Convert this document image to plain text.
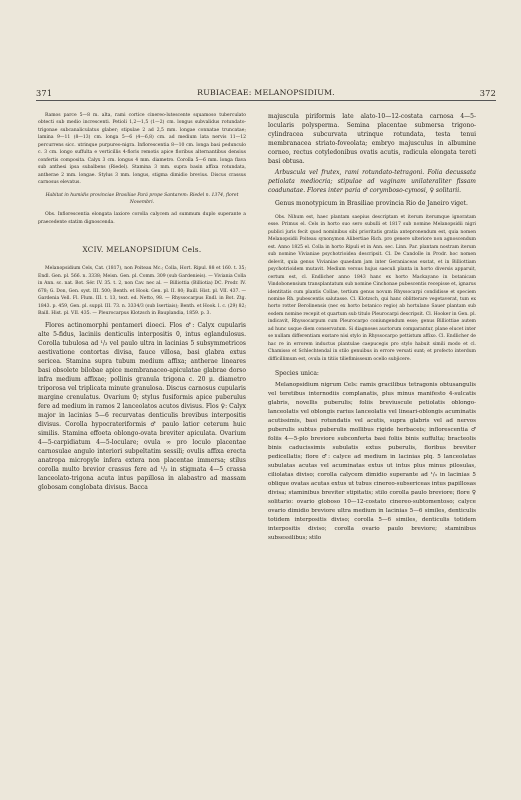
371	RUBIACEAE: MELANOPSIDIUM.	372

Ramos parce 5—8 m. alta, rami cortice cinereo-lutescente squamoso tuberculato obtecti sub medio increscenti. Petioli 1,2—1,5 (1—2) cm. longus subvalidus rotundato-trigonae subcanaliculatus glaber; stipulae 2 ad 2,5 mm. longae connatae truncatae; lamina 9—11 (8—13) cm. longa 5—6 (4—6,8) cm. ad medium lata nervis 11—12 percurrens sicc. utrinque purpureo-nigra. Inflorescentia 8—10 cm. longa basi pedunculo c. 3 cm. longo suffulta e verticillis 4-floris remotis apice floribus alternantibus densius confertis composita. Calyx 3 cm. longus 4 mm. diametro. Corolla 5—6 mm. longa flava sub anthesi ipsa subalbens (Riedel). Stamina 3 mm. supra basin affixa rotundata, antherae 2 mm. longae. Stylus 3 mm. longus, stigma dimidio brevius. Discus crassus carnosus elevatus.

Habitat in humidis provinciae Brasiliae Pará prope Santarem: Riedel n. 1374, floret Novembri.

Obs. Inflorescentia elongata laxiore corolla calycem ad summum duplo superante a praecedente statim dignoscenda.

XCIV. MELANOPSIDIUM Cels.

Melanopsidium Cels, Cat. (1817), non Poiteau Mc.; Colla, Hort. Ripul. 88 et 160. t. 35; Endl. Gen. pl. 566. n. 3338; Meisn. Gen. pl. Comm. 309 (sub Gardenieis). — Viviania Colla in Ann. sc. nat. Bot. Sér. IV. 35. t. 2, non Cav. nec al. — Billiottia (Billiotia) DC. Prodr. IV. 678; G. Don, Gen. syst. III. 500; Benth. et Hook. Gen. pl. II. 80; Baill. Hist. pl. VII. 437. — Gardenia Vell. Fl. Flum. III. t. 13, text. ed. Netto, 98. — Rhyssocarpus Endl. in Bot. Ztg. 1843. p. 459, Gen. pl. suppl. III. 73. n. 3334/3 (sub Isertiais); Benth. et Hook. l. c. (29) 82; Baill. Hist. pl. VII. 435. — Pleurocarpus Klotzsch in Bauplandia, 1859. p. 3.

Flores actinomorphi pentameri dioeci. Flos ♂: Calyx cupularis alte 5-fidus, laciniis denticulis interpositis 0, intus eglandulosus. Corolla tubulosa ad ¹/₃ vel paulo ultra in lacinias 5 subsymmetricos aestivatione contortas divisa, fauce villosa, basi glabra extus sericea. Stamina supra tubum medium affixa; antherae lineares basi obsolete bilobae apice membranaceo-apiculatae glabrae dorso infra medium affixae; pollinis granula trigona c. 20 μ. diametro triporosa vel triplicata minute granulosa. Discus carnosus cupularis margine crenulatus. Ovarium 0; stylus fusiformis apice puberulus fere ad medium in ramos 2 lanceolatos acutos divisus. Flos ♀: Calyx major in lacinias 5—6 recurvatas denticulis brevibus interpositis divisus. Corolla hypocrateriformis ♂ paulo latior ceterum huic similis. Stamina effoeta oblongo-ovata breviter apiculata. Ovarium 4—5-carpidiatum 4—5-loculare; ovula ∞ pro loculo placentae carnosulae angulo interiori subpeltatim sessili; ovulis affixa erecta anatropa micropyle infera extera non placentae immersa; stilus corolla multo brevior crassus fere ad ¹/₂ in stigmata 4—5 crassa lanceolato-trigona acuta intus papillosa in alabastro ad massam globosam conglobata divisus. Bacca

majuscula piriformis late alato-10—12-costata carnosa 4—5-locularis polysperma. Semina placentae submersa trigono-cylindracea subcurvata utrinque rotundata, testa tenui membranacea striato-foveolata; embryo majusculus in albumine corneo, rectus cotyledonibus ovatis acutis, radicula elongata tereti basi obtusa.

Arbuscula vel frutex, rami rotundato-tetragoni. Folia decussata petiolata mediocria; stipulae ad vaginam unilateraliter fissam coadunatae. Flores inter paria ♂ corymboso-cymosi, ♀ solitarii.

Genus monotypicum in Brasiliae provincia Rio de Janeiro viget.

Obs. Nihum est, haec plantam saepius descriptam et iterum iterumque ignoratam esse. Primus el. Cels in horto suo sero subulli et 1817 sub nomine Melanopsidii nigri publici juris fecit quod nominibus sibi prioritatis gratia antepronendum est, quia nomen Melanopsidii Poiteau synonymon Alibertiae Rich. pro genere ulteriore non agnoscendum est. Anno 1825 el. Colla in horto Ripuli et in Ann. sec. Linn. Par. plantam nostram iterum sub nomine Vivianiae psychotrioidea descripsit. Cl. De Candolle in Prodr. hoc nomen delevit, quia genus Vivianiae quaedam jam inter Geraniaceas exstat, et in Billiottiam psychotrioidem mutavit. Medium versus hujus saeculi planta in horto diversis apparuit, certum est, cl. Endlicher anno 1843 hanc ex horto Mackayano in botanicam Vindobonensium transplantatum sub nomine Cinchonae pubescentis recepisse et, ignarus identitatis cum plantis Collae, tertium genus novum Rhyssocarpi condidisse et speciem nomine Rh. pubescentis salutasse. Cl. Klotzsch, qui hanc oblitterare vegetaverat, tum ex horto rotter Berolinensis (nec ex horto botanico regio) ab hortulano Sauer plantam sub eodem nomine recepit et quartum sub titulo Pleurocarpi descripsit. Cl. Hooker in Gen. pl. indicavit, Rhyssocarpum cum Pleurocarpo coniungendum esse; genus Billiottiae autem ad hunc usque diem conservatum. Si diagnoses auctorum comparantur, plane elucet inter se nullam differentiam exstare nisi stylo in Rhyssocarpo pettistum affixo. Cl. Endlicher de hac re in errorem inductus plantulae caepucegis pro stylo habuit simili modo et cl. Chamisso et Schlechtendal in stilo genuibus in errore versati sunt; et profecto interdum difficillimum est, ovula in titiis tiliefimisseum ocello subjicere.

Species unica:

Melanopsidium nigrum Cels: ramis gracilibus tetragonis obtusangulis vel teretibus internodiis complanatis, plus minus manifesto 4-sulcatis glabris, novellis puberulis; foliis breviuscule petiolatis oblongo-lanceolatis vel oblongis rarius lanceolatis vel lineari-oblongis acuminatis acutissimis, basi rotundatis vel acutis, supra glabris vel ad nervos puberulis subtus puberulis mollibus rigide herbaceis; inflorescentia ♂ foliis 4—5-plo breviore subconferta basi foliis binis suffulta; bracteolis binis caducissimis subulatis extus puberulis, floribus breviter pedicellatis; flore ♂: calyce ad medium in lacinias plq. 5 lanceolatas subulatas acutas vel acuminatas extus ut intus plus minus pilosulas, ciliolatas diviso; corolla calycem dimidio superante ad ¹/₃ in lacinias 5 oblique ovatas acutas extus ut tubus cinereo-subsericeas intus papillosas divisa; staminibus breviter stipitatis; stilo corolla paulo breviore; flore ♀ solitario: ovario globoso 10—12-costato cinereo-subtomentoso; calyce ovario dimidio breviore ultra medium in lacinias 5—6 similes, denticulis totidem interpositis diviso; corolla 5—6 similes, denticulis totidem interpositis diviso; corolla ovario paulo breviore; staminibus subsessilibus; stilo
